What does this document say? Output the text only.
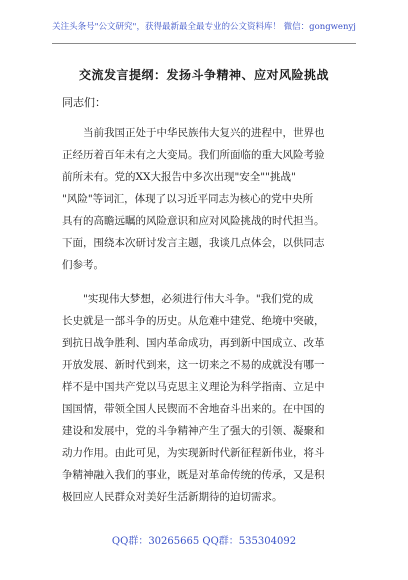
关注头条号"公文研究"，获得最新最全最专业的公文资料库！ 微信：gongwenyj
交流发言提纲：发扬斗争精神、应对风险挑战
同志们：
　　当前我国正处于中华民族伟大复兴的进程中，世界也
正经历着百年未有之大变局。我们所面临的重大风险考验
前所未有。党的XX大报告中多次出现"安全""挑战"
"风险"等词汇，体现了以习近平同志为核心的党中央所
具有的高瞻远瞩的风险意识和应对风险挑战的时代担当。
下面，围绕本次研讨发言主题，我谈几点体会，以供同志
们参考。
　　"实现伟大梦想，必须进行伟大斗争。"我们党的成
长史就是一部斗争的历史。从危难中建党、绝境中突破，
到抗日战争胜利、国内革命成功，再到新中国成立、改革
开放发展、新时代到来，这一切来之不易的成就没有哪一
样不是中国共产党以马克思主义理论为科学指南、立足中
国国情，带领全国人民锲而不舍地奋斗出来的。在中国的
建设和发展中，党的斗争精神产生了强大的引领、凝聚和
动力作用。由此可见，为实现新时代新征程新伟业，将斗
争精神融入我们的事业，既是对革命传统的传承，又是积
极回应人民群众对美好生活新期待的迫切需求。
QQ群：30265665 QQ群：535304092
